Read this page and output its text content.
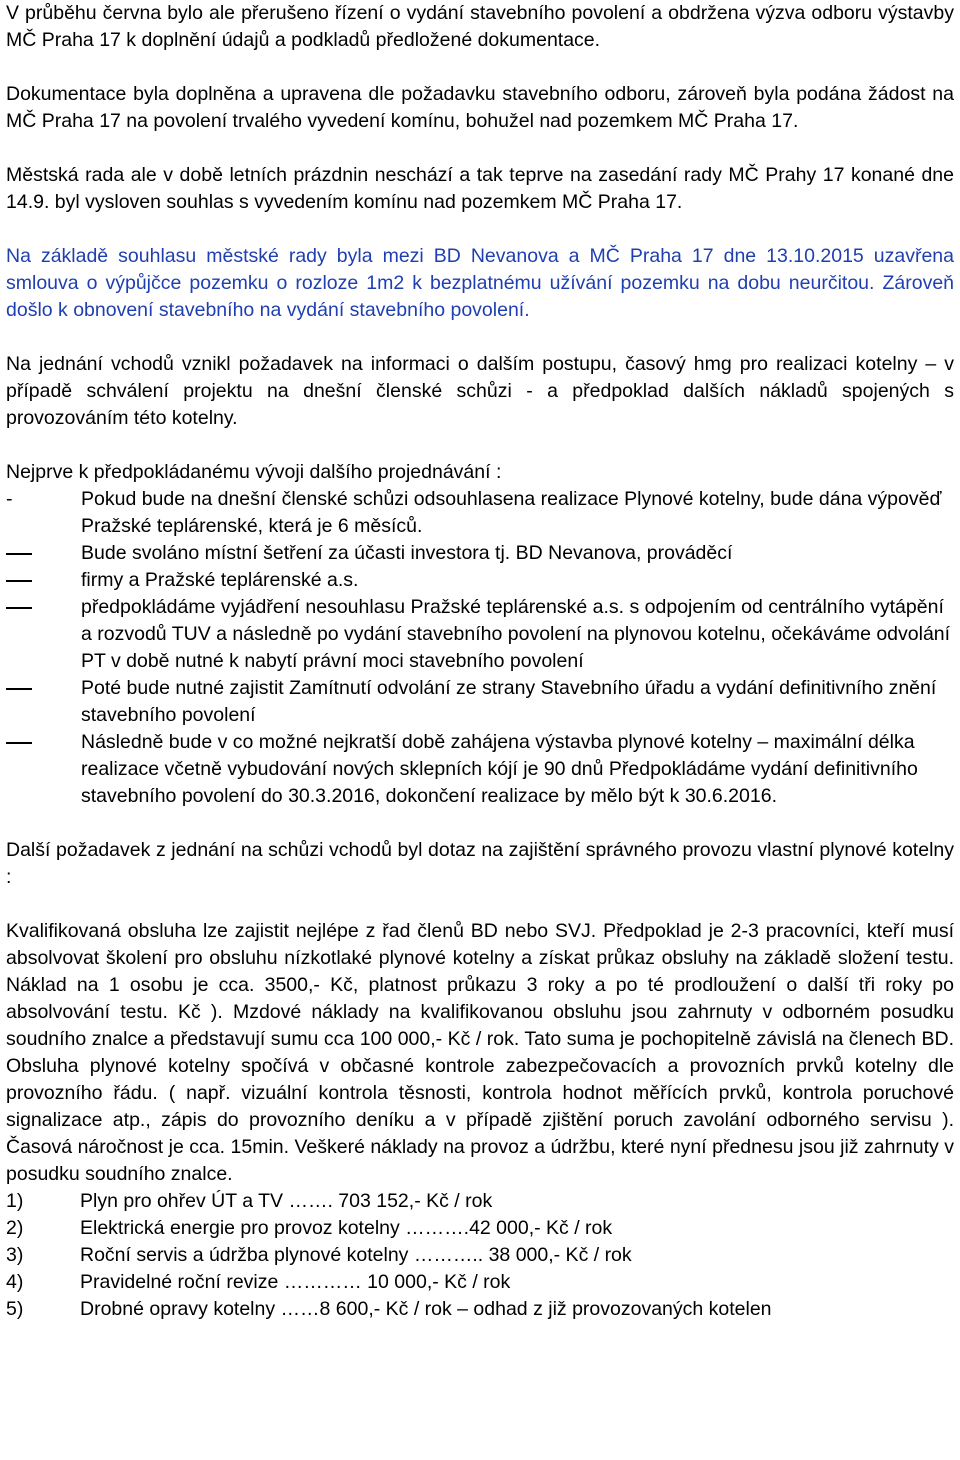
V průběhu června bylo ale přerušeno řízení o vydání stavebního povolení a obdržena výzva odboru výstavby MČ Praha 17 k doplnění údajů a podkladů předložené dokumentace.

Dokumentace byla doplněna a upravena dle požadavku stavebního odboru, zároveň byla podána žádost na MČ Praha 17 na povolení trvalého vyvedení komínu, bohužel nad pozemkem MČ Praha 17.

Městská rada ale v době letních prázdnin neschází a tak teprve na zasedání rady MČ Prahy 17 konané dne 14.9. byl vysloven souhlas s vyvedením komínu nad pozemkem MČ Praha 17.

Na základě souhlasu městské rady byla mezi BD Nevanova a MČ Praha 17 dne 13.10.2015 uzavřena smlouva o výpůjčce pozemku o rozloze 1m2 k bezplatnému užívání pozemku na dobu neurčitou. Zároveň došlo k obnovení stavebního na vydání stavebního povolení.

Na jednání vchodů vznikl požadavek na informaci o dalším postupu, časový hmg pro realizaci kotelny – v případě schválení projektu na dnešní členské schůzi - a předpoklad dalších nákladů spojených s provozováním této kotelny.

Nejprve k předpokládanému vývoji dalšího projednávání :

-	Pokud bude na dnešní členské schůzi odsouhlasena realizace Plynové kotelny, bude dána výpověď Pražské teplárenské, která je 6 měsíců.
Bude svoláno místní šetření za účasti investora tj. BD Nevanova, prováděcí
firmy a Pražské teplárenské a.s.
předpokládáme vyjádření nesouhlasu Pražské teplárenské a.s. s odpojením od centrálního vytápění a rozvodů TUV a následně po vydání stavebního povolení na plynovou kotelnu, očekáváme odvolání PT v době nutné k nabytí právní moci stavebního povolení
Poté bude nutné zajistit Zamítnutí odvolání ze strany Stavebního úřadu a vydání definitivního znění stavebního povolení
Následně bude v co možné nejkratší době zahájena výstavba plynové kotelny – maximální délka realizace včetně vybudování nových sklepních kójí je 90 dnů Předpokládáme vydání definitivního stavebního povolení do 30.3.2016, dokončení realizace by mělo být k 30.6.2016.

Další požadavek z jednání na schůzi vchodů byl dotaz na zajištění správného provozu vlastní plynové kotelny :

Kvalifikovaná obsluha lze zajistit nejlépe z řad členů BD nebo SVJ. Předpoklad je 2-3 pracovníci, kteří musí absolvovat školení pro obsluhu nízkotlaké plynové kotelny a získat průkaz obsluhy na základě složení testu. Náklad na 1 osobu je cca. 3500,- Kč, platnost průkazu 3 roky a po té prodloužení o další tři roky po absolvování testu. Kč ). Mzdové náklady na kvalifikovanou obsluhu jsou zahrnuty v odborném posudku soudního znalce a představují sumu cca 100 000,- Kč / rok. Tato suma je pochopitelně závislá na členech BD. Obsluha plynové kotelny spočívá v občasné kontrole zabezpečovacích a provozních prvků kotelny dle provozního řádu. ( např. vizuální kontrola těsnosti, kontrola hodnot měřících prvků, kontrola poruchové signalizace atp., zápis do provozního deníku a v případě zjištění poruch zavolání odborného servisu ). Časová náročnost je cca. 15min. Veškeré náklady na provoz a údržbu, které nyní přednesu jsou již zahrnuty v posudku soudního znalce.

1)	Plyn pro ohřev ÚT a TV ……. 703 152,- Kč / rok
2)	Elektrická energie pro provoz kotelny ……….42 000,- Kč / rok
3)	Roční servis a údržba plynové kotelny ……….. 38 000,- Kč / rok
4)	Pravidelné roční revize ………… 10 000,- Kč / rok
5)	Drobné opravy kotelny ……8 600,- Kč / rok – odhad z již provozovaných kotelen
